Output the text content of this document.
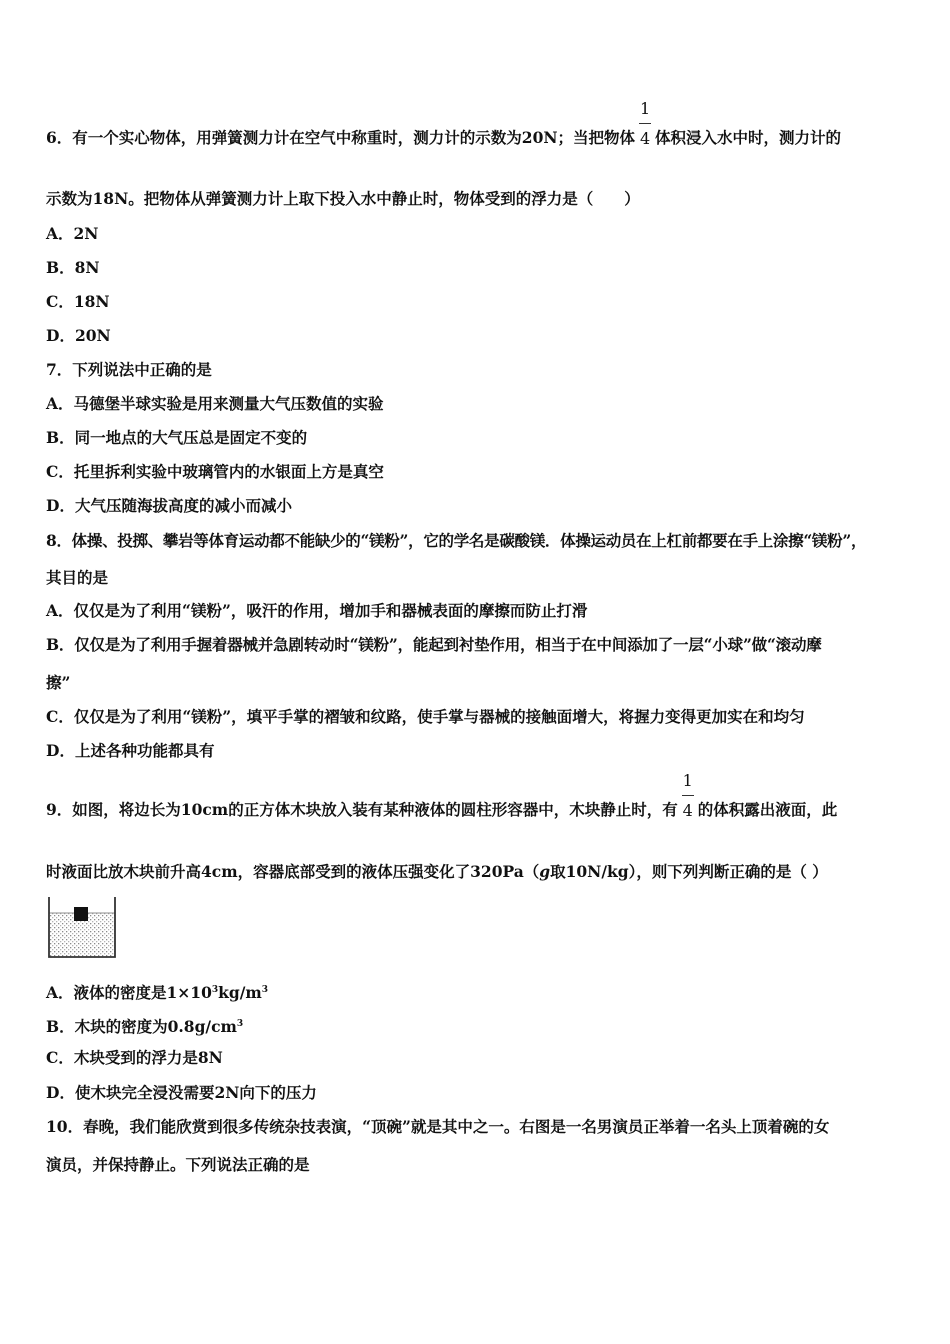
6．有一个实心物体，用弹簧测力计在空气中称重时，测力计的示数为20N；当把物体 $\frac{1}{4}$ 体积浸入水中时，测力计的
示数为18N。把物体从弹簧测力计上取下投入水中静止时，物体受到的浮力是（　　）
A．2N
B．8N
C．18N
D．20N
7．下列说法中正确的是
A．马德堡半球实验是用来测量大气压数值的实验
B．同一地点的大气压总是固定不变的
C．托里拆利实验中玻璃管内的水银面上方是真空
D．大气压随海拔高度的减小而减小
8．体操、投掷、攀岩等体育运动都不能缺少的“镁粉”，它的学名是碳酸镁．体操运动员在上杠前都要在手上涂擦“镁粉”，
其目的是
A．仅仅是为了利用“镁粉”，吸汗的作用，增加手和器械表面的摩擦而防止打滑
B．仅仅是为了利用手握着器械并急剧转动时“镁粉”，能起到衬垫作用，相当于在中间添加了一层“小球”做“滚动摩
擦”
C．仅仅是为了利用“镁粉”，填平手掌的褶皱和纹路，使手掌与器械的接触面增大，将握力变得更加实在和均匀
D．上述各种功能都具有
9．如图，将边长为10cm的正方体木块放入装有某种液体的圆柱形容器中，木块静止时，有 $\frac{1}{4}$ 的体积露出液面，此
时液面比放木块前升高4cm，容器底部受到的液体压强变化了320Pa（g取10N/kg），则下列判断正确的是（ ）
A．液体的密度是$1\times 10^3kg/m^3$
B．木块的密度为$0.8g/cm^3$
C．木块受到的浮力是8N
D．使木块完全浸没需要2N向下的压力
10．春晚，我们能欣赏到很多传统杂技表演，“顶碗”就是其中之一。右图是一名男演员正举着一名头上顶着碗的女
演员，并保持静止。下列说法正确的是
